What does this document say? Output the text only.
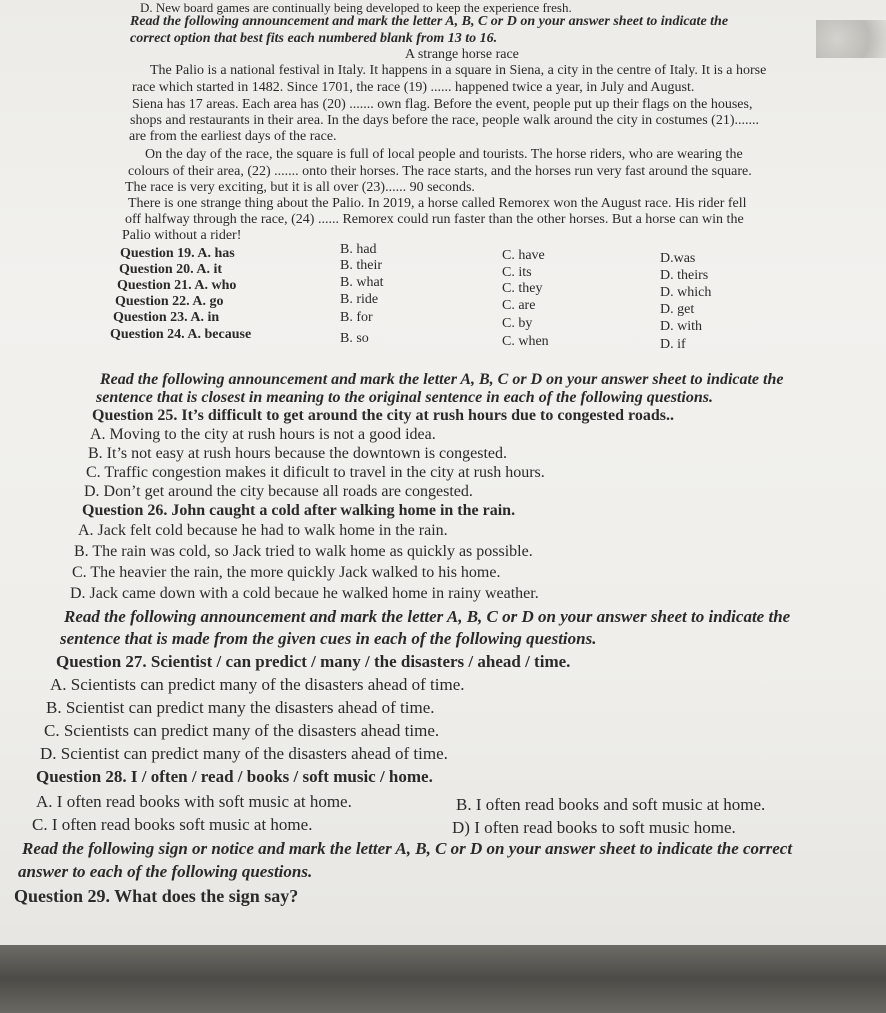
D. New board games are continually being developed to keep the experience fresh.
Read the following announcement and mark the letter A, B, C or D on your answer sheet to indicate the
correct option that best fits each numbered blank from 13 to 16.
A strange horse race
The Palio is a national festival in Italy. It happens in a square in Siena, a city in the centre of Italy. It is a horse
race which started in 1482. Since 1701, the race (19) ...... happened twice a year, in July and August.
Siena has 17 areas. Each area has (20) ....... own flag. Before the event, people put up their flags on the houses,
shops and restaurants in their area. In the days before the race, people walk around the city in costumes (21).......
are from the earliest days of the race.
On the day of the race, the square is full of local people and tourists. The horse riders, who are wearing the
colours of their area, (22) ....... onto their horses. The race starts, and the horses run very fast around the square.
The race is very exciting, but it is all over (23)...... 90 seconds.
There is one strange thing about the Palio. In 2019, a horse called Remorex won the August race. His rider fell
off halfway through the race, (24) ...... Remorex could run faster than the other horses. But a horse can win the
Palio without a rider!
Question 19. A. has	B. had	C. have	D.was
Question 20. A. it	B. their	C. its	D. theirs
Question 21. A. who	B. what	C. they	D. which
Question 22. A. go	B. ride	C. are	D. get
Question 23. A. in	B. for	C. by	D. with
Question 24. A. because	B. so	C. when	D. if
Read the following announcement and mark the letter A, B, C or D on your answer sheet to indicate the
sentence that is closest in meaning to the original sentence in each of the following questions.
Question 25. It’s difficult to get around the city at rush hours due to congested roads..
A. Moving to the city at rush hours is not a good idea.
B. It’s not easy at rush hours because the downtown is congested.
C. Traffic congestion makes it dificult to travel in the city at rush hours.
D. Don’t get around the city because all roads are congested.
Question 26. John caught a cold after walking home in the rain.
A. Jack felt cold because he had to walk home in the rain.
B. The rain was cold, so Jack tried to walk home as quickly as possible.
C. The heavier the rain, the more quickly Jack walked to his home.
D. Jack came down with a cold becaue he walked home in rainy weather.
Read the following announcement and mark the letter A, B, C or D on your answer sheet to indicate the
sentence that is made from the given cues in each of the following questions.
Question 27. Scientist / can predict / many / the disasters / ahead / time.
A. Scientists can predict many of the disasters ahead of time.
B. Scientist can predict many the disasters ahead of time.
C. Scientists can predict many of the disasters ahead time.
D. Scientist can predict many of the disasters ahead of time.
Question 28. I / often / read / books / soft music / home.
A. I often read books with soft music at home.	B. I often read books and soft music at home.
C. I often read books soft music at home.	D) I often read books to soft music home.
Read the following sign or notice and mark the letter A, B, C or D on your answer sheet to indicate the correct
answer to each of the following questions.
Question 29. What does the sign say?
